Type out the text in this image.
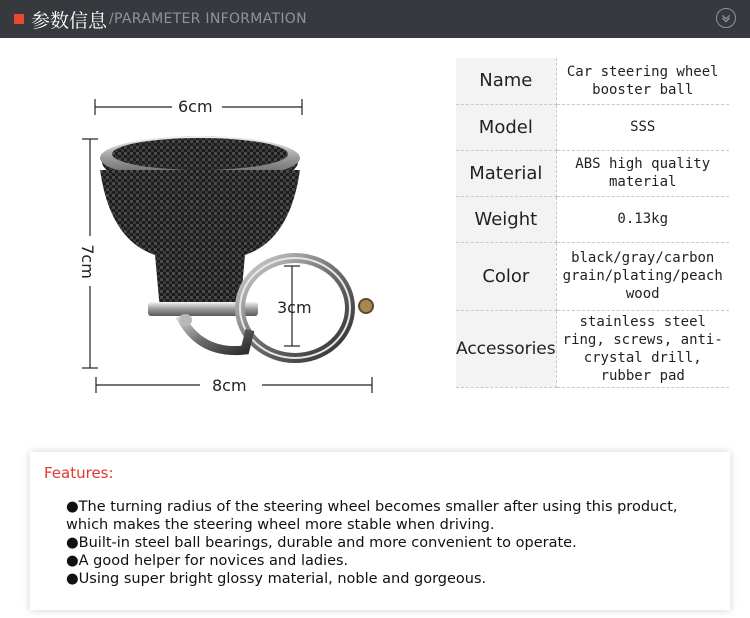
参数信息 /PARAMETER INFORMATION
6cm
7cm
3cm
8cm
Name	Car steering wheel booster ball
Model	SSS
Material	ABS high quality material
Weight	0.13kg
Color	black/gray/carbon grain/plating/peach wood
Accessories	stainless steel ring, screws, anti-crystal drill, rubber pad
Features:
●The turning radius of the steering wheel becomes smaller after using this product, which makes the steering wheel more stable when driving.
●Built-in steel ball bearings, durable and more convenient to operate.
●A good helper for novices and ladies.
●Using super bright glossy material, noble and gorgeous.
